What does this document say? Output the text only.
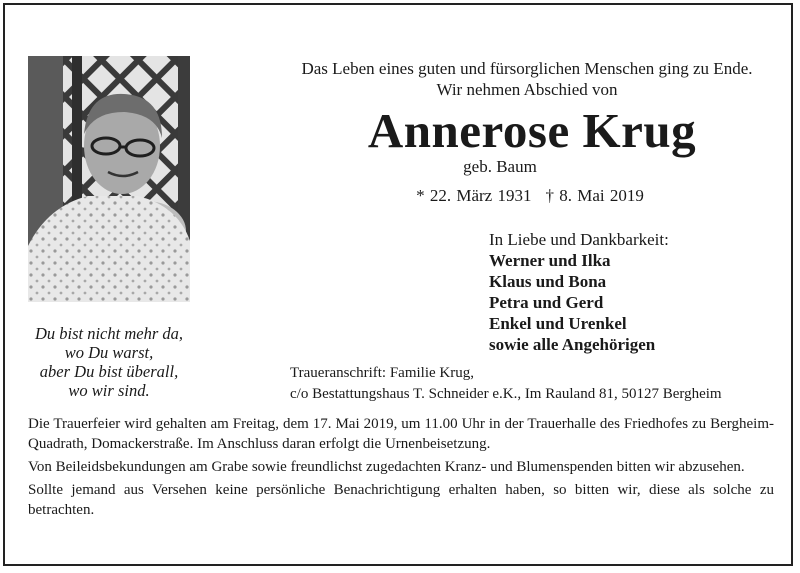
Du bist nicht mehr da,
wo Du warst,
aber Du bist überall,
wo wir sind.
Das Leben eines guten und fürsorglichen Menschen ging zu Ende.
Wir nehmen Abschied von
Annerose Krug
geb. Baum
* 22. März 1931 † 8. Mai 2019
In Liebe und Dankbarkeit:
Werner und Ilka
Klaus und Bona
Petra und Gerd
Enkel und Urenkel
sowie alle Angehörigen
Traueranschrift: Familie Krug,
c/o Bestattungshaus T. Schneider e.K., Im Rauland 81, 50127 Bergheim

Die Trauerfeier wird gehalten am Freitag, dem 17. Mai 2019, um 11.00 Uhr in der Trauerhalle des Friedhofes zu Bergheim-Quadrath, Domackerstraße. Im Anschluss daran erfolgt die Urnenbeisetzung.

Von Beileidsbekundungen am Grabe sowie freundlichst zugedachten Kranz- und Blumenspenden bitten wir abzusehen.

Sollte jemand aus Versehen keine persönliche Benachrichtigung erhalten haben, so bitten wir, diese als solche zu betrachten.
